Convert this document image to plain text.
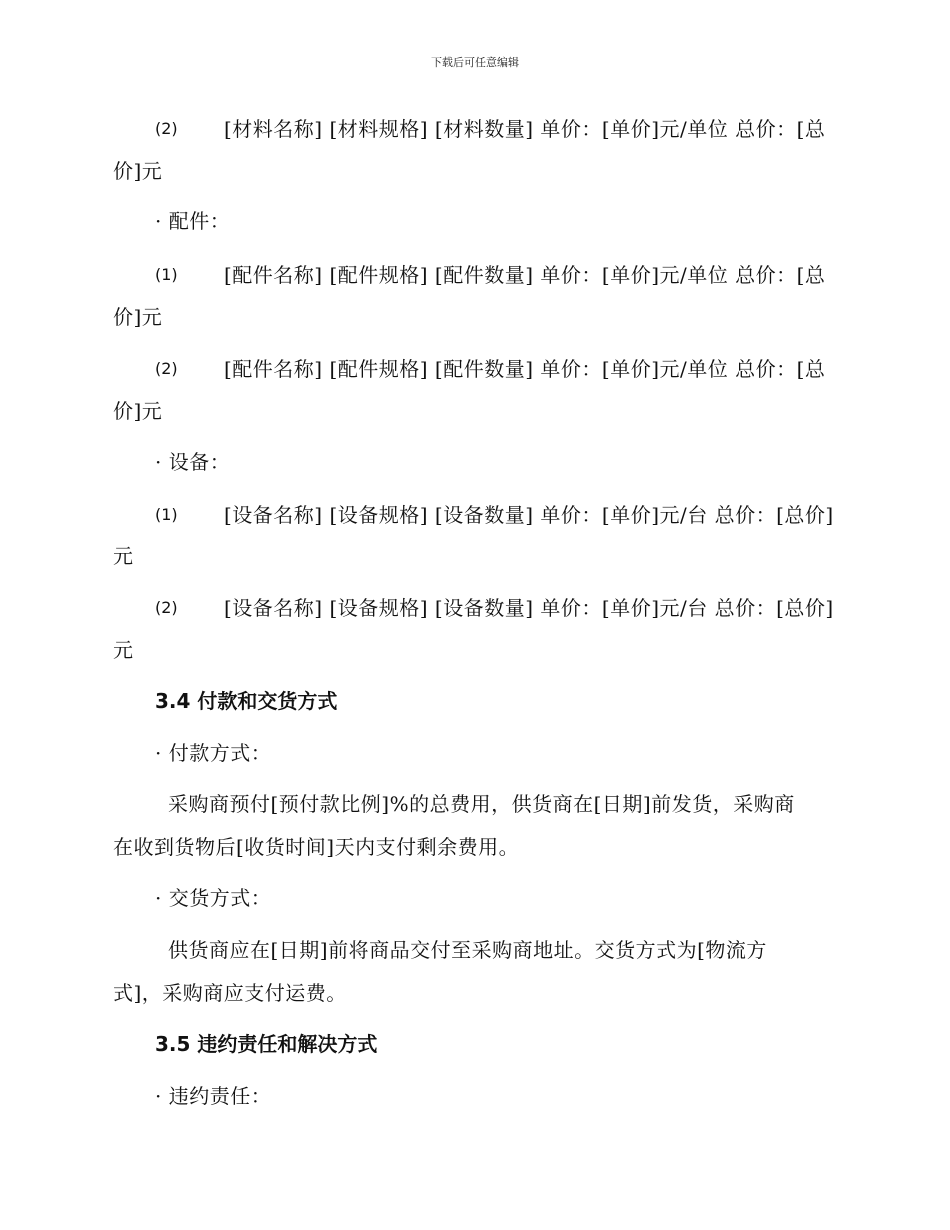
下载后可任意编辑
(2) [材料名称] [材料规格] [材料数量] 单价：[单价]元/单位 总价：[总
价]元
· 配件：
(1) [配件名称] [配件规格] [配件数量] 单价：[单价]元/单位 总价：[总
价]元
(2) [配件名称] [配件规格] [配件数量] 单价：[单价]元/单位 总价：[总
价]元
· 设备：
(1) [设备名称] [设备规格] [设备数量] 单价：[单价]元/台 总价：[总价]
元
(2) [设备名称] [设备规格] [设备数量] 单价：[单价]元/台 总价：[总价]
元
3.4 付款和交货方式
· 付款方式：
采购商预付[预付款比例]%的总费用，供货商在[日期]前发货，采购商
在收到货物后[收货时间]天内支付剩余费用。
· 交货方式：
供货商应在[日期]前将商品交付至采购商地址。交货方式为[物流方
式]，采购商应支付运费。
3.5 违约责任和解决方式
· 违约责任：
